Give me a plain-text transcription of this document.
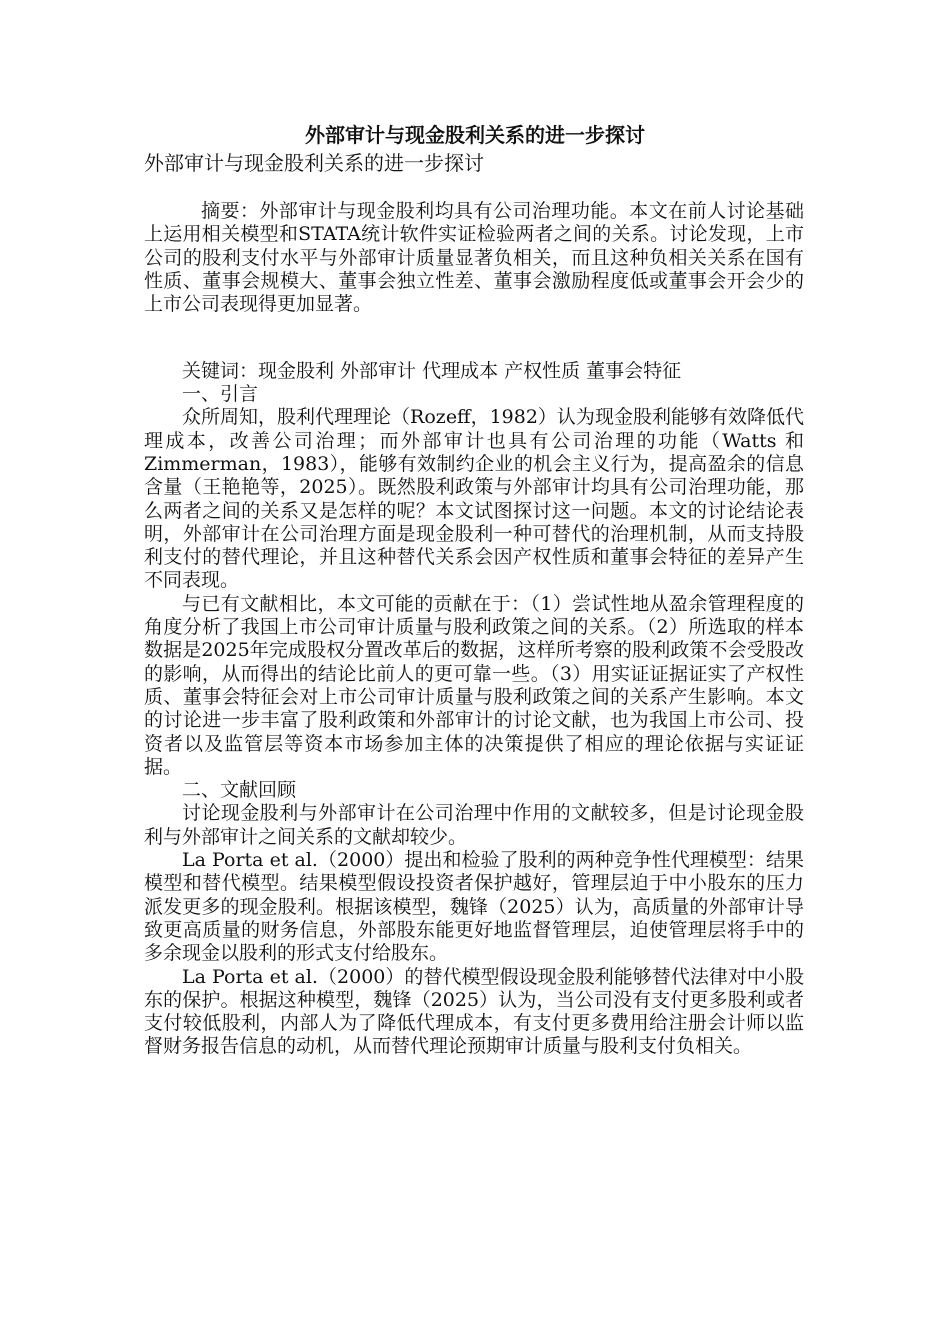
外部审计与现金股利关系的进一步探讨
外部审计与现金股利关系的进一步探讨

摘要：外部审计与现金股利均具有公司治理功能。本文在前人讨论基础上运用相关模型和STATA统计软件实证检验两者之间的关系。讨论发现，上市公司的股利支付水平与外部审计质量显著负相关，而且这种负相关关系在国有性质、董事会规模大、董事会独立性差、董事会激励程度低或董事会开会少的上市公司表现得更加显著。

关键词：现金股利 外部审计 代理成本 产权性质 董事会特征

一、引言

众所周知，股利代理理论（Rozeff，1982）认为现金股利能够有效降低代理成本，改善公司治理；而外部审计也具有公司治理的功能（Watts 和 Zimmerman，1983），能够有效制约企业的机会主义行为，提高盈余的信息含量（王艳艳等，2025）。既然股利政策与外部审计均具有公司治理功能，那么两者之间的关系又是怎样的呢？本文试图探讨这一问题。本文的讨论结论表明，外部审计在公司治理方面是现金股利一种可替代的治理机制，从而支持股利支付的替代理论，并且这种替代关系会因产权性质和董事会特征的差异产生不同表现。

与已有文献相比，本文可能的贡献在于：（1）尝试性地从盈余管理程度的角度分析了我国上市公司审计质量与股利政策之间的关系。（2）所选取的样本数据是2025年完成股权分置改革后的数据，这样所考察的股利政策不会受股改的影响，从而得出的结论比前人的更可靠一些。（3）用实证证据证实了产权性质、董事会特征会对上市公司审计质量与股利政策之间的关系产生影响。本文的讨论进一步丰富了股利政策和外部审计的讨论文献，也为我国上市公司、投资者以及监管层等资本市场参加主体的决策提供了相应的理论依据与实证证据。

二、文献回顾

讨论现金股利与外部审计在公司治理中作用的文献较多，但是讨论现金股利与外部审计之间关系的文献却较少。

La Porta et al.（2000）提出和检验了股利的两种竞争性代理模型：结果模型和替代模型。结果模型假设投资者保护越好，管理层迫于中小股东的压力派发更多的现金股利。根据该模型，魏锋（2025）认为，高质量的外部审计导致更高质量的财务信息，外部股东能更好地监督管理层，迫使管理层将手中的多余现金以股利的形式支付给股东。

La Porta et al.（2000）的替代模型假设现金股利能够替代法律对中小股东的保护。根据这种模型，魏锋（2025）认为，当公司没有支付更多股利或者支付较低股利，内部人为了降低代理成本，有支付更多费用给注册会计师以监督财务报告信息的动机，从而替代理论预期审计质量与股利支付负相关。
